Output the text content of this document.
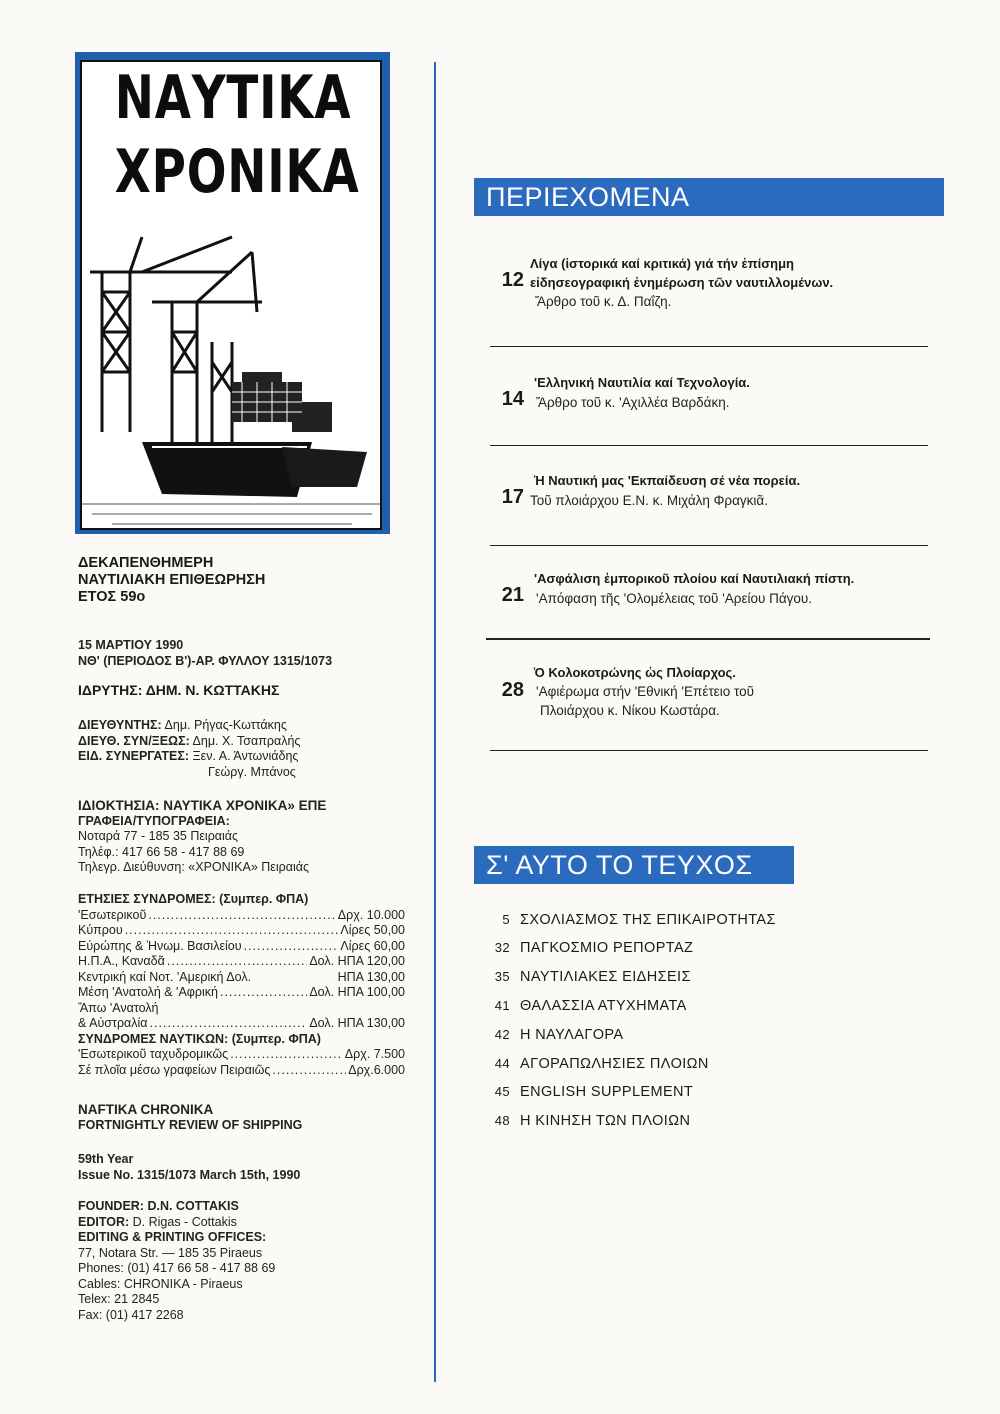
ΝΑΥΤΙΚΑ
ΧΡΟΝΙΚΑ
ΔΕΚΑΠΕΝΘΗΜΕΡΗ
ΝΑΥΤΙΛΙΑΚΗ ΕΠΙΘΕΩΡΗΣΗ
ΕΤΟΣ 59ο
15 ΜΑΡΤΙΟΥ 1990
ΝΘ' (ΠΕΡΙΟΔΟΣ Β')-ΑΡ. ΦΥΛΛΟΥ 1315/1073
ΙΔΡΥΤΗΣ: ΔΗΜ. Ν. ΚΩΤΤΑΚΗΣ
ΔΙΕΥΘΥΝΤΗΣ: Δημ. Ρήγας-Κωττάκης
ΔΙΕΥΘ. ΣΥΝ/ΞΕΩΣ: Δημ. Χ. Τσαπραλής
ΕΙΔ. ΣΥΝΕΡΓΑΤΕΣ: Ξεν. Α. Άντωνιάδης
Γεώργ. Μπάνος
ΙΔΙΟΚΤΗΣΙΑ: ΝΑΥΤΙΚΑ ΧΡΟΝΙΚΑ» ΕΠΕ
ΓΡΑΦΕΙΑ/ΤΥΠΟΓΡΑΦΕΙΑ:
Νοταρά 77 - 185 35 Πειραιάς
Τηλέφ.: 417 66 58 - 417 88 69
Τηλεγρ. Διεύθυνση: «ΧΡΟΝΙΚΑ» Πειραιάς
ΕΤΗΣΙΕΣ ΣΥΝΔΡΟΜΕΣ: (Συμπερ. ΦΠΑ)
'Εσωτερικοῦ .....	Δρχ. 10.000
Κύπρου .....	Λίρες 50,00
Εὐρώπης & Ἡνωμ. Βασιλείου .....	Λίρες 60,00
Η.Π.Α., Καναδᾶ .....	Δολ. ΗΠΑ 120,00
Κεντρική καί Νοτ. 'Αμερική Δολ.	ΗΠΑ 130,00
Μέση 'Ανατολή & 'Αφρική .....	Δολ. ΗΠΑ 100,00
Ἄπω 'Ανατολή
& Αὐστραλία .....	Δολ. ΗΠΑ 130,00
ΣΥΝΔΡΟΜΕΣ ΝΑΥΤΙΚΩΝ: (Συμπερ. ΦΠΑ)
'Εσωτερικοῦ ταχυδρομικῶς .....	Δρχ. 7.500
Σέ πλοῖα μέσω γραφείων Πειραιῶς .....	Δρχ.6.000
NAFTIKA CHRONIKA
FORTNIGHTLY REVIEW OF SHIPPING
59th Year
Issue No. 1315/1073 March 15th, 1990
FOUNDER: D.N. COTTAKIS
EDITOR: D. Rigas - Cottakis
EDITING & PRINTING OFFICES:
77, Notara Str. — 185 35 Piraeus
Phones: (01) 417 66 58 - 417 88 69
Cables: CHRONIKA - Piraeus
Telex: 21 2845
Fax: (01) 417 2268
ΠΕΡΙΕΧΟΜΕΝΑ
12
Λίγα (ἱστορικά καί κριτικά) γιά τήν ἐπίσημη
εἰδησεογραφική ἐνημέρωση τῶν ναυτιλλομένων.
Ἄρθρο τοῦ κ. Δ. Παΐζη.
14
'Ελληνική Ναυτιλία καί Τεχνολογία.
Ἄρθρο τοῦ κ. 'Αχιλλέα Βαρδάκη.
17
Ἡ Ναυτική μας 'Εκπαίδευση σέ νέα πορεία.
Τοῦ πλοιάρχου Ε.Ν. κ. Μιχάλη Φραγκιᾶ.
21
'Ασφάλιση ἐμπορικοῦ πλοίου καί Ναυτιλιακή πίστη.
'Απόφαση τῆς 'Ολομέλειας τοῦ 'Αρείου Πάγου.
28
Ὁ Κολοκοτρώνης ὡς Πλοίαρχος.
'Αφιέρωμα στήν 'Εθνική 'Επέτειο τοῦ
Πλοιάρχου κ. Νίκου Κωστάρα.
Σ' ΑΥΤΟ ΤΟ ΤΕΥΧΟΣ
5 ΣΧΟΛΙΑΣΜΟΣ ΤΗΣ ΕΠΙΚΑΙΡΟΤΗΤΑΣ
32 ΠΑΓΚΟΣΜΙΟ ΡΕΠΟΡΤΑΖ
35 ΝΑΥΤΙΛΙΑΚΕΣ ΕΙΔΗΣΕΙΣ
41 ΘΑΛΑΣΣΙΑ ΑΤΥΧΗΜΑΤΑ
42 Η ΝΑΥΛΑΓΟΡΑ
44 ΑΓΟΡΑΠΩΛΗΣΙΕΣ ΠΛΟΙΩΝ
45 ENGLISH SUPPLEMENT
48 Η ΚΙΝΗΣΗ ΤΩΝ ΠΛΟΙΩΝ
